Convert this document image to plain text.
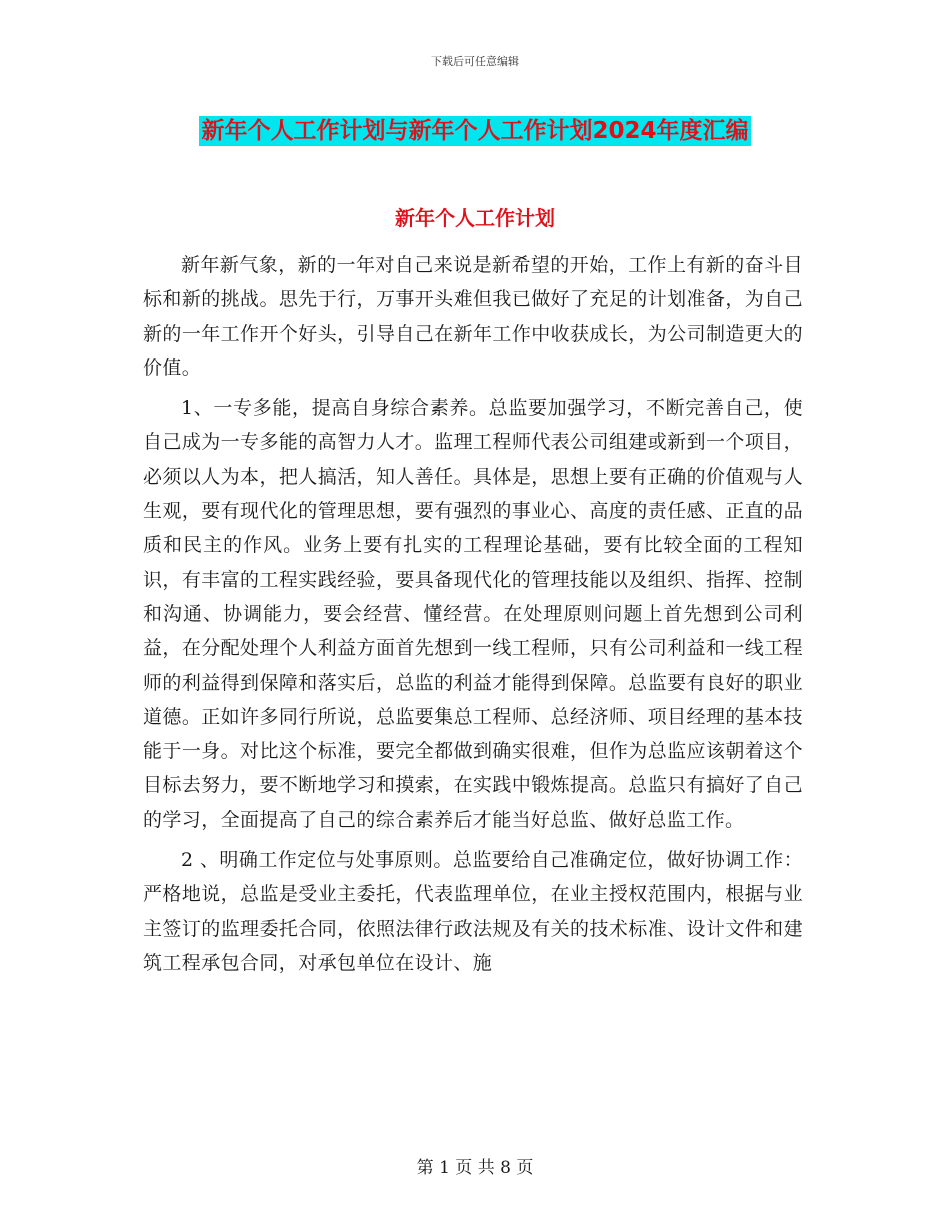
下载后可任意编辑
新年个人工作计划与新年个人工作计划2024年度汇编
新年个人工作计划

新年新气象，新的一年对自己来说是新希望的开始，工作上有新的奋斗目标和新的挑战。思先于行，万事开头难但我已做好了充足的计划准备，为自己新的一年工作开个好头，引导自己在新年工作中收获成长，为公司制造更大的价值。

1、一专多能，提高自身综合素养。总监要加强学习，不断完善自己，使自己成为一专多能的高智力人才。监理工程师代表公司组建或新到一个项目，必须以人为本，把人搞活，知人善任。具体是，思想上要有正确的价值观与人生观，要有现代化的管理思想，要有强烈的事业心、高度的责任感、正直的品质和民主的作风。业务上要有扎实的工程理论基础，要有比较全面的工程知识，有丰富的工程实践经验，要具备现代化的管理技能以及组织、指挥、控制和沟通、协调能力，要会经营、懂经营。在处理原则问题上首先想到公司利益，在分配处理个人利益方面首先想到一线工程师，只有公司利益和一线工程师的利益得到保障和落实后，总监的利益才能得到保障。总监要有良好的职业道德。正如许多同行所说，总监要集总工程师、总经济师、项目经理的基本技能于一身。对比这个标准，要完全都做到确实很难，但作为总监应该朝着这个目标去努力，要不断地学习和摸索，在实践中锻炼提高。总监只有搞好了自己的学习，全面提高了自己的综合素养后才能当好总监、做好总监工作。

2 、明确工作定位与处事原则。总监要给自己准确定位，做好协调工作：严格地说，总监是受业主委托，代表监理单位，在业主授权范围内，根据与业主签订的监理委托合同，依照法律行政法规及有关的技术标准、设计文件和建筑工程承包合同，对承包单位在设计、施

第 1 页 共 8 页
